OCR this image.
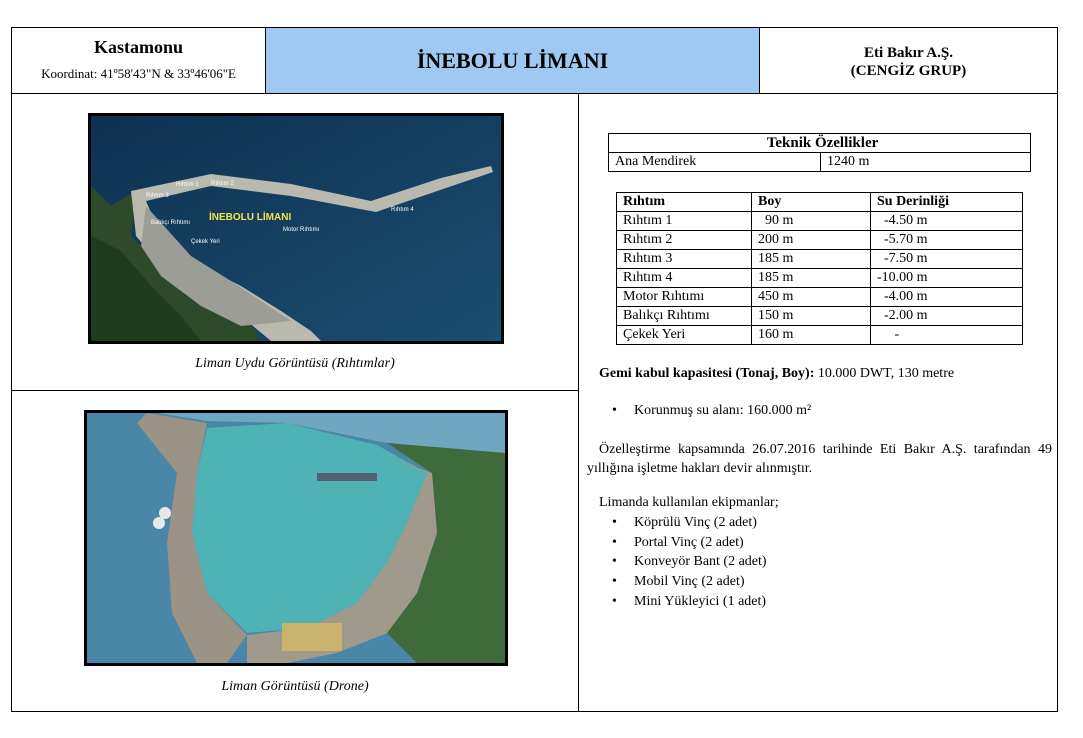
Kastamonu
Koordinat: 41º58'43"N & 33º46'06"E
İNEBOLU LİMANI	Eti Bakır A.Ş.
(CENGİZ GRUP)
İNEBOLU LİMANI
Rıhtım 1 Rıhtım 2
Rıhtım 3
Rıhtım 4
Balıkçı Rıhtımı
Motor Rıhtımı
Çekek Yeri
Liman Uydu Görüntüsü (Rıhtımlar)
Liman Görüntüsü (Drone)
Teknik Özellikler
Ana Mendirek	1240 m
Rıhtım	Boy	Su Derinliği
Rıhtım 1	90 m	-4.50 m
Rıhtım 2	200 m	-5.70 m
Rıhtım 3	185 m	-7.50 m
Rıhtım 4	185 m	-10.00 m
Motor Rıhtımı	450 m	-4.00 m
Balıkçı Rıhtımı	150 m	-2.00 m
Çekek Yeri	160 m	-
Gemi kabul kapasitesi (Tonaj, Boy): 10.000 DWT, 130 metre
• Korunmuş su alanı: 160.000 m²
Özelleştirme kapsamında 26.07.2016 tarihinde Eti Bakır A.Ş. tarafından 49 yıllığına işletme hakları devir alınmıştır.
Limanda kullanılan ekipmanlar;
• Köprülü Vinç (2 adet)
• Portal Vinç (2 adet)
• Konveyör Bant (2 adet)
• Mobil Vinç (2 adet)
• Mini Yükleyici (1 adet)
